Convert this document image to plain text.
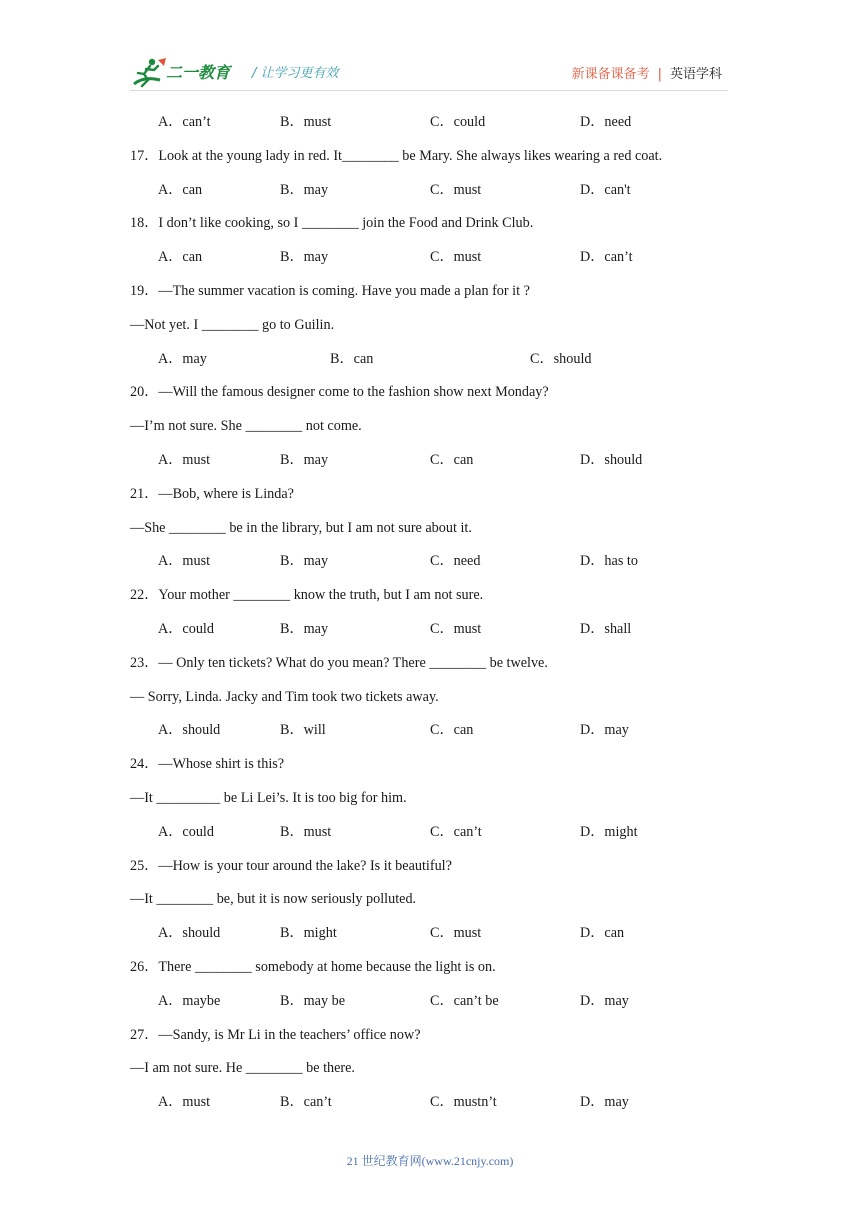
二一教育 / 让学习更有效	新课备课备考 | 英语学科
A．can’t	B．must	C．could	D．need
17．Look at the young lady in red. It________ be Mary. She always likes wearing a red coat.
A．can	B．may	C．must	D．can't
18．I don’t like cooking, so I ________ join the Food and Drink Club.
A．can	B．may	C．must	D．can’t
19．—The summer vacation is coming. Have you made a plan for it ?
—Not yet. I ________ go to Guilin.
A．may	B．can	C．should
20．—Will the famous designer come to the fashion show next Monday?
—I’m not sure. She ________ not come.
A．must	B．may	C．can	D．should
21．—Bob, where is Linda?
—She ________ be in the library, but I am not sure about it.
A．must	B．may	C．need	D．has to
22．Your mother ________ know the truth, but I am not sure.
A．could	B．may	C．must	D．shall
23．— Only ten tickets? What do you mean? There ________ be twelve.
— Sorry, Linda. Jacky and Tim took two tickets away.
A．should	B．will	C．can	D．may
24．—Whose shirt is this?
—It _________ be Li Lei’s. It is too big for him.
A．could	B．must	C．can’t	D．might
25．—How is your tour around the lake? Is it beautiful?
—It ________ be, but it is now seriously polluted.
A．should	B．might	C．must	D．can
26．There ________ somebody at home because the light is on.
A．maybe	B．may be	C．can’t be	D．may
27．—Sandy, is Mr Li in the teachers’ office now?
—I am not sure. He ________ be there.
A．must	B．can’t	C．mustn’t	D．may
21 世纪教育网(www.21cnjy.com)
